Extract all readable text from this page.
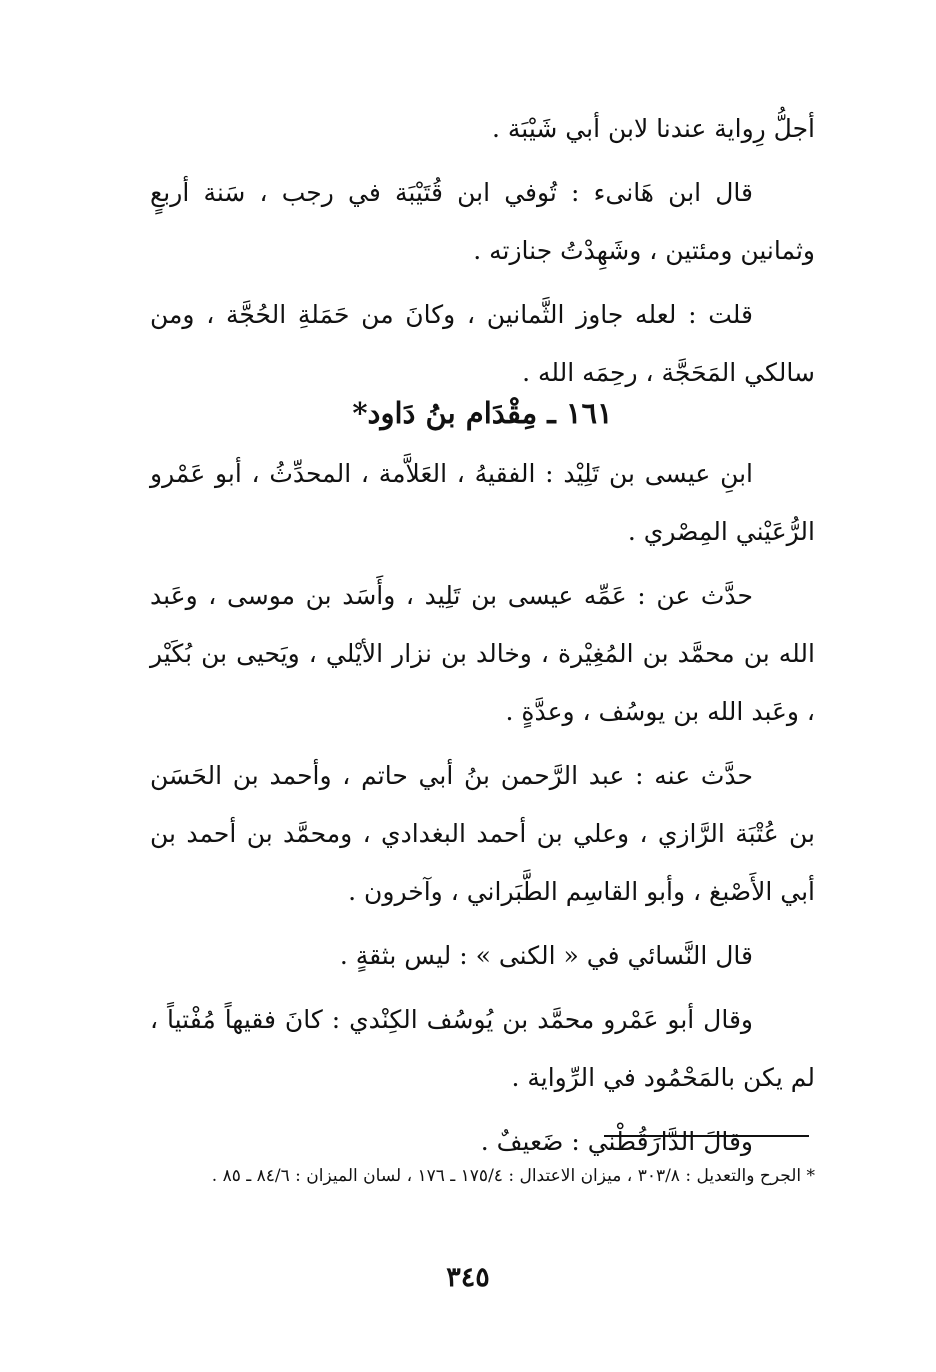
أجلُّ رِواية عندنا لابن أبي شَيْبَة .

قال ابن هَانىء : تُوفي ابن قُتَيْبَة في رجب ، سَنة أربعٍ وثمانين ومئتين ، وشَهِدْتُ جنازته .

قلت : لعله جاوز الثَّمانين ، وكانَ من حَمَلةِ الحُجَّة ، ومن سالكي المَحَجَّة ، رحِمَه الله .

١٦١ ـ مِقْدَام بنُ دَاود*

ابنِ عيسى بن تَلِيْد : الفقيهُ ، العَلاَّمة ، المحدِّثُ ، أبو عَمْرو الرُّعَيْني المِصْري .

حدَّث عن : عَمِّه عيسى بن تَلِيد ، وأَسَد بن موسى ، وعَبد الله بن محمَّد بن المُغِيْرة ، وخالد بن نزار الأيْلي ، ويَحيى بن بُكَيْر ، وعَبد الله بن يوسُف ، وعدَّةٍ .

حدَّث عنه : عبد الرَّحمن بنُ أبي حاتم ، وأحمد بن الحَسَن بن عُتْبَة الرَّازي ، وعلي بن أحمد البغدادي ، ومحمَّد بن أحمد بن أبي الأَصْبغ ، وأبو القاسِم الطَّبَراني ، وآخرون .

قال النَّسائي في « الكنى » : ليس بثقةٍ .

وقال أبو عَمْرو محمَّد بن يُوسُف الكِنْدي : كانَ فقيهاً مُفْتياً ، لم يكن بالمَحْمُود في الرِّواية .

وقالَ الدَّارَقُطْني : ضَعيفٌ .

* الجرح والتعديل : ٣٠٣/٨ ، ميزان الاعتدال : ١٧٥/٤ ـ ١٧٦ ، لسان الميزان : ٨٤/٦ ـ ٨٥ .
٣٤٥
